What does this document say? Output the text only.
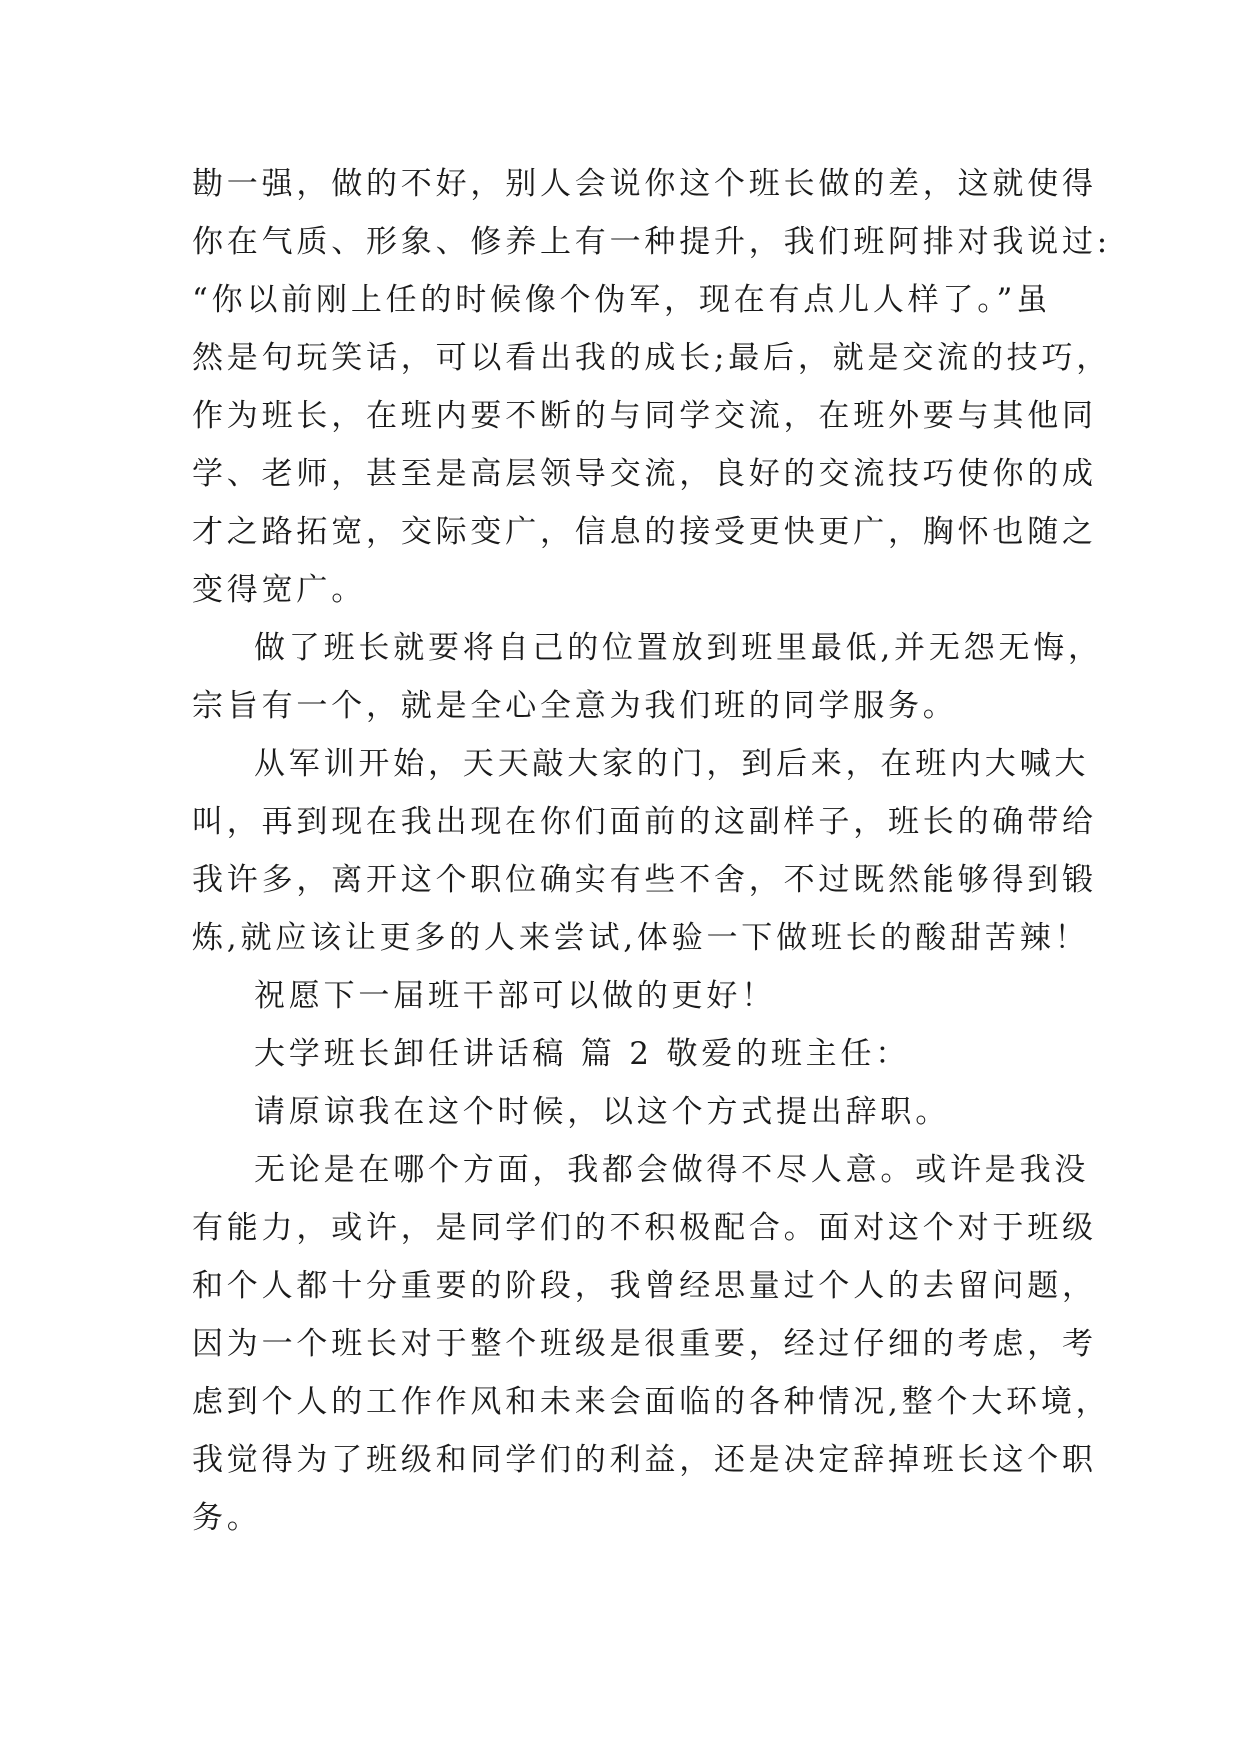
勘一强，做的不好，别人会说你这个班长做的差，这就使得
你在气质、形象、修养上有一种提升，我们班阿排对我说过:
“你以前刚上任的时候像个伪军，现在有点儿人样了。”虽
然是句玩笑话，可以看出我的成长;最后，就是交流的技巧，
作为班长，在班内要不断的与同学交流，在班外要与其他同
学、老师，甚至是高层领导交流，良好的交流技巧使你的成
才之路拓宽，交际变广，信息的接受更快更广，胸怀也随之
变得宽广。
做了班长就要将自己的位置放到班里最低,并无怨无悔，
宗旨有一个，就是全心全意为我们班的同学服务。
从军训开始，天天敲大家的门，到后来，在班内大喊大
叫，再到现在我出现在你们面前的这副样子，班长的确带给
我许多，离开这个职位确实有些不舍，不过既然能够得到锻
炼,就应该让更多的人来尝试,体验一下做班长的酸甜苦辣！
祝愿下一届班干部可以做的更好！
大学班长卸任讲话稿 篇 2 敬爱的班主任：
请原谅我在这个时候，以这个方式提出辞职。
无论是在哪个方面，我都会做得不尽人意。或许是我没
有能力，或许，是同学们的不积极配合。面对这个对于班级
和个人都十分重要的阶段，我曾经思量过个人的去留问题，
因为一个班长对于整个班级是很重要，经过仔细的考虑，考
虑到个人的工作作风和未来会面临的各种情况,整个大环境，
我觉得为了班级和同学们的利益，还是决定辞掉班长这个职
务。
